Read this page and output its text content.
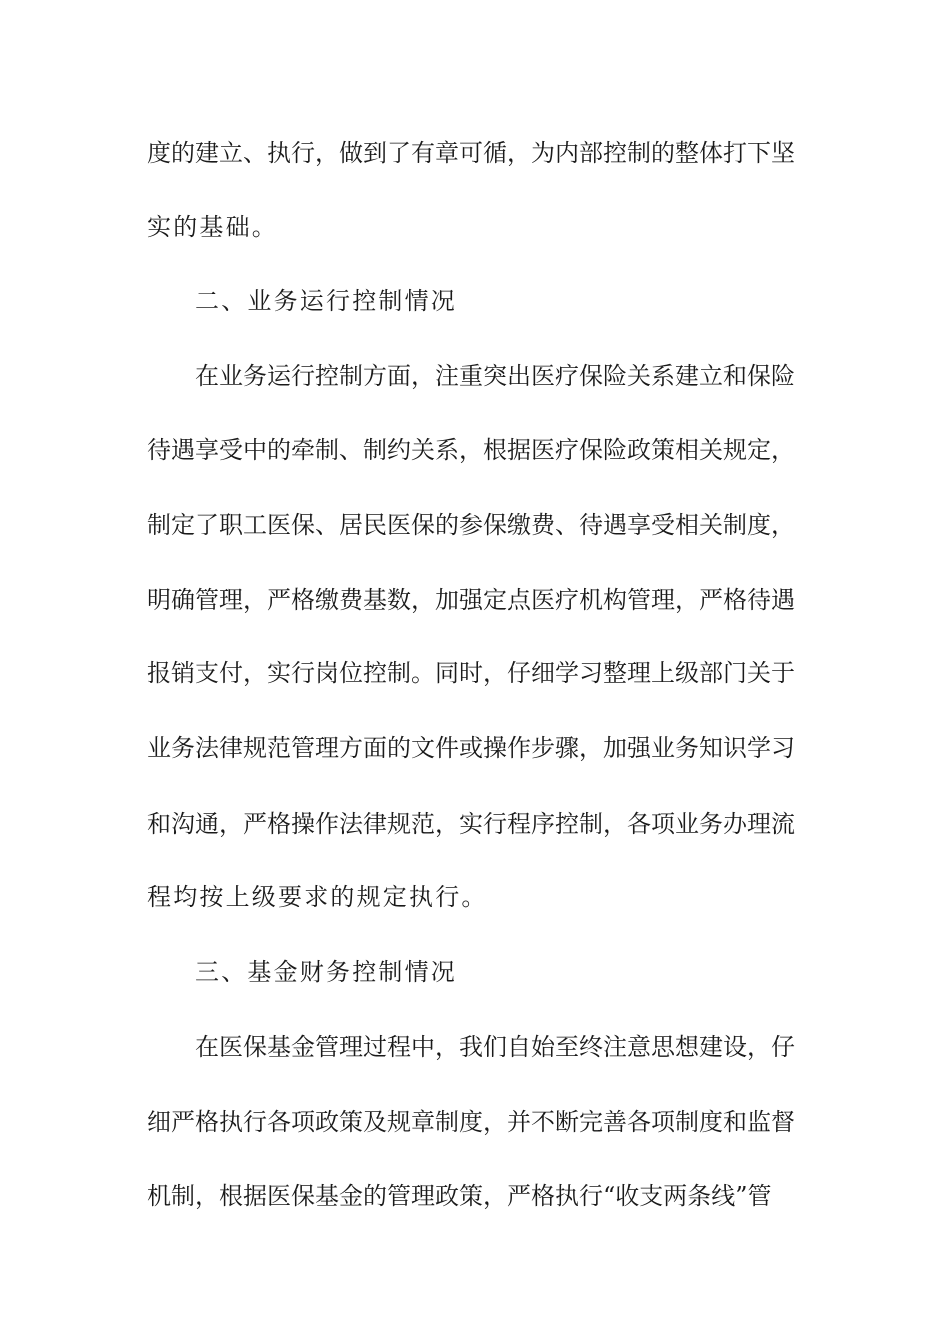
度的建立、执行，做到了有章可循，为内部控制的整体打下坚
实的基础。
二、业务运行控制情况
在业务运行控制方面，注重突出医疗保险关系建立和保险
待遇享受中的牵制、制约关系，根据医疗保险政策相关规定，
制定了职工医保、居民医保的参保缴费、待遇享受相关制度，
明确管理，严格缴费基数，加强定点医疗机构管理，严格待遇
报销支付，实行岗位控制。同时，仔细学习整理上级部门关于
业务法律规范管理方面的文件或操作步骤，加强业务知识学习
和沟通，严格操作法律规范，实行程序控制，各项业务办理流
程均按上级要求的规定执行。
三、基金财务控制情况
在医保基金管理过程中，我们自始至终注意思想建设，仔
细严格执行各项政策及规章制度，并不断完善各项制度和监督
机制，根据医保基金的管理政策，严格执行“收支两条线”管
